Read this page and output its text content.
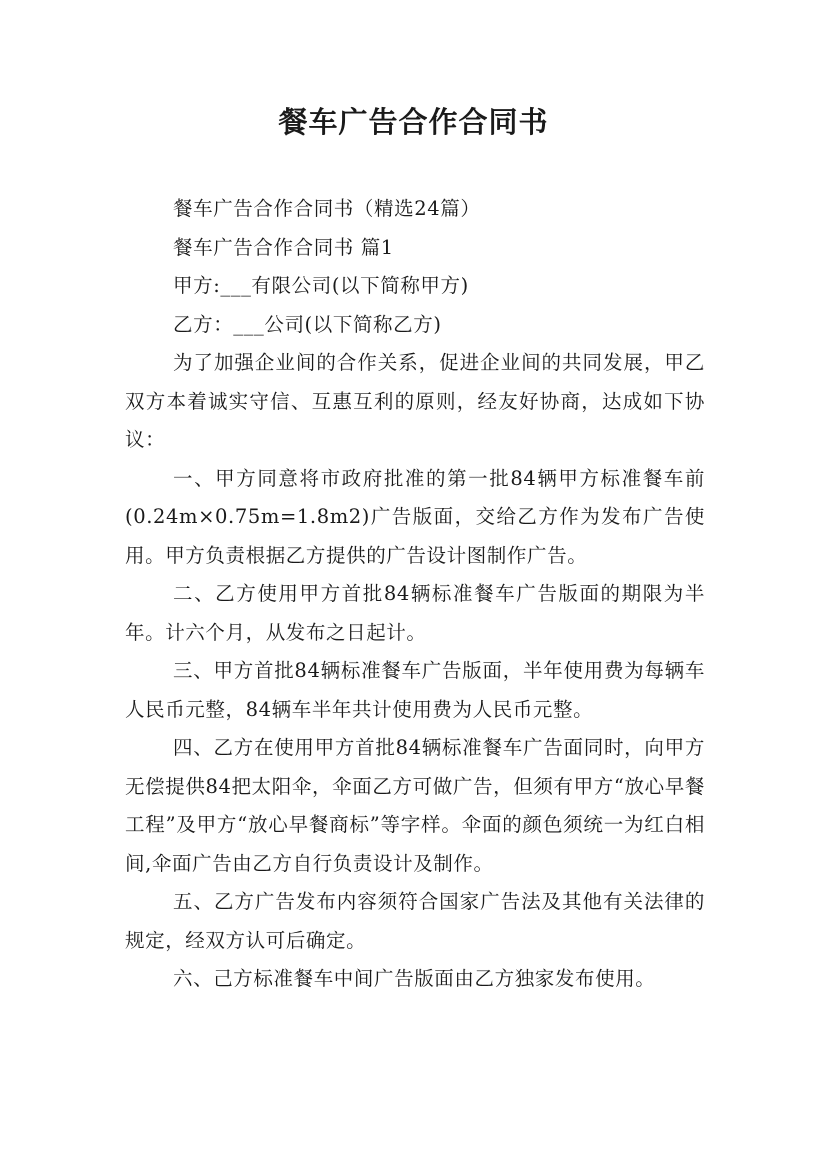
餐车广告合作合同书

餐车广告合作合同书（精选24篇）

餐车广告合作合同书 篇1

甲方:___有限公司(以下简称甲方)

乙方：___公司(以下简称乙方)

为了加强企业间的合作关系，促进企业间的共同发展，甲乙双方本着诚实守信、互惠互利的原则，经友好协商，达成如下协议：

一、甲方同意将市政府批准的第一批84辆甲方标准餐车前(0.24m×0.75m=1.8m2)广告版面，交给乙方作为发布广告使用。甲方负责根据乙方提供的广告设计图制作广告。

二、乙方使用甲方首批84辆标准餐车广告版面的期限为半年。计六个月，从发布之日起计。

三、甲方首批84辆标准餐车广告版面，半年使用费为每辆车人民币元整，84辆车半年共计使用费为人民币元整。

四、乙方在使用甲方首批84辆标准餐车广告面同时，向甲方无偿提供84把太阳伞，伞面乙方可做广告，但须有甲方“放心早餐工程”及甲方“放心早餐商标”等字样。伞面的颜色须统一为红白相间,伞面广告由乙方自行负责设计及制作。

五、乙方广告发布内容须符合国家广告法及其他有关法律的规定，经双方认可后确定。

六、己方标准餐车中间广告版面由乙方独家发布使用。
